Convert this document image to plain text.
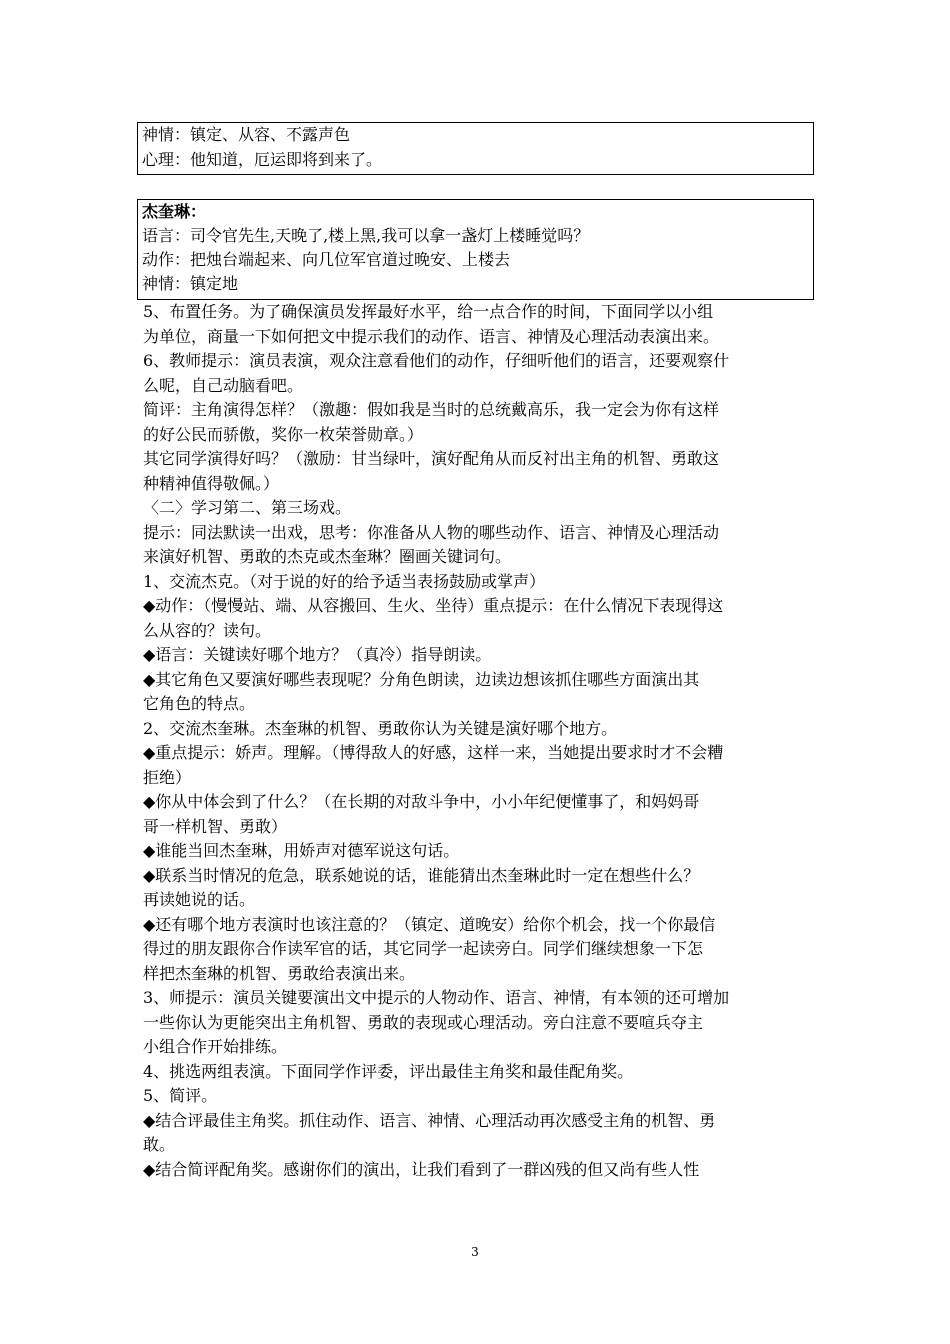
神情：镇定、从容、不露声色
心理：他知道，厄运即将到来了。
杰奎琳：
语言：司令官先生,天晚了,楼上黑,我可以拿一盏灯上楼睡觉吗？
动作：把烛台端起来、向几位军官道过晚安、上楼去
神情：镇定地
5、布置任务。为了确保演员发挥最好水平，给一点合作的时间，下面同学以小组
为单位，商量一下如何把文中提示我们的动作、语言、神情及心理活动表演出来。
6、教师提示：演员表演，观众注意看他们的动作，仔细听他们的语言，还要观察什
么呢，自己动脑看吧。
简评：主角演得怎样？（激趣：假如我是当时的总统戴高乐，我一定会为你有这样
的好公民而骄傲，奖你一枚荣誉勋章。）
其它同学演得好吗？（激励：甘当绿叶，演好配角从而反衬出主角的机智、勇敢这
种精神值得敬佩。）
〈二〉学习第二、第三场戏。
提示：同法默读一出戏，思考：你准备从人物的哪些动作、语言、神情及心理活动
来演好机智、勇敢的杰克或杰奎琳？圈画关键词句。
1、交流杰克。（对于说的好的给予适当表扬鼓励或掌声）
◆动作：（慢慢站、端、从容搬回、生火、坐待）重点提示：在什么情况下表现得这
么从容的？读句。
◆语言：关键读好哪个地方？（真冷）指导朗读。
◆其它角色又要演好哪些表现呢？分角色朗读，边读边想该抓住哪些方面演出其
它角色的特点。
2、交流杰奎琳。杰奎琳的机智、勇敢你认为关键是演好哪个地方。
◆重点提示：娇声。理解。（博得敌人的好感，这样一来，当她提出要求时才不会糟
拒绝）
◆你从中体会到了什么？（在长期的对敌斗争中，小小年纪便懂事了，和妈妈哥
哥一样机智、勇敢）
◆谁能当回杰奎琳，用娇声对德军说这句话。
◆联系当时情况的危急，联系她说的话，谁能猜出杰奎琳此时一定在想些什么？
再读她说的话。
◆还有哪个地方表演时也该注意的？（镇定、道晚安）给你个机会，找一个你最信
得过的朋友跟你合作读军官的话，其它同学一起读旁白。同学们继续想象一下怎
样把杰奎琳的机智、勇敢给表演出来。
3、师提示：演员关键要演出文中提示的人物动作、语言、神情，有本领的还可增加
一些你认为更能突出主角机智、勇敢的表现或心理活动。旁白注意不要喧兵夺主
小组合作开始排练。
4、挑选两组表演。下面同学作评委，评出最佳主角奖和最佳配角奖。
5、简评。
◆结合评最佳主角奖。抓住动作、语言、神情、心理活动再次感受主角的机智、勇
敢。
◆结合简评配角奖。感谢你们的演出，让我们看到了一群凶残的但又尚有些人性
3
